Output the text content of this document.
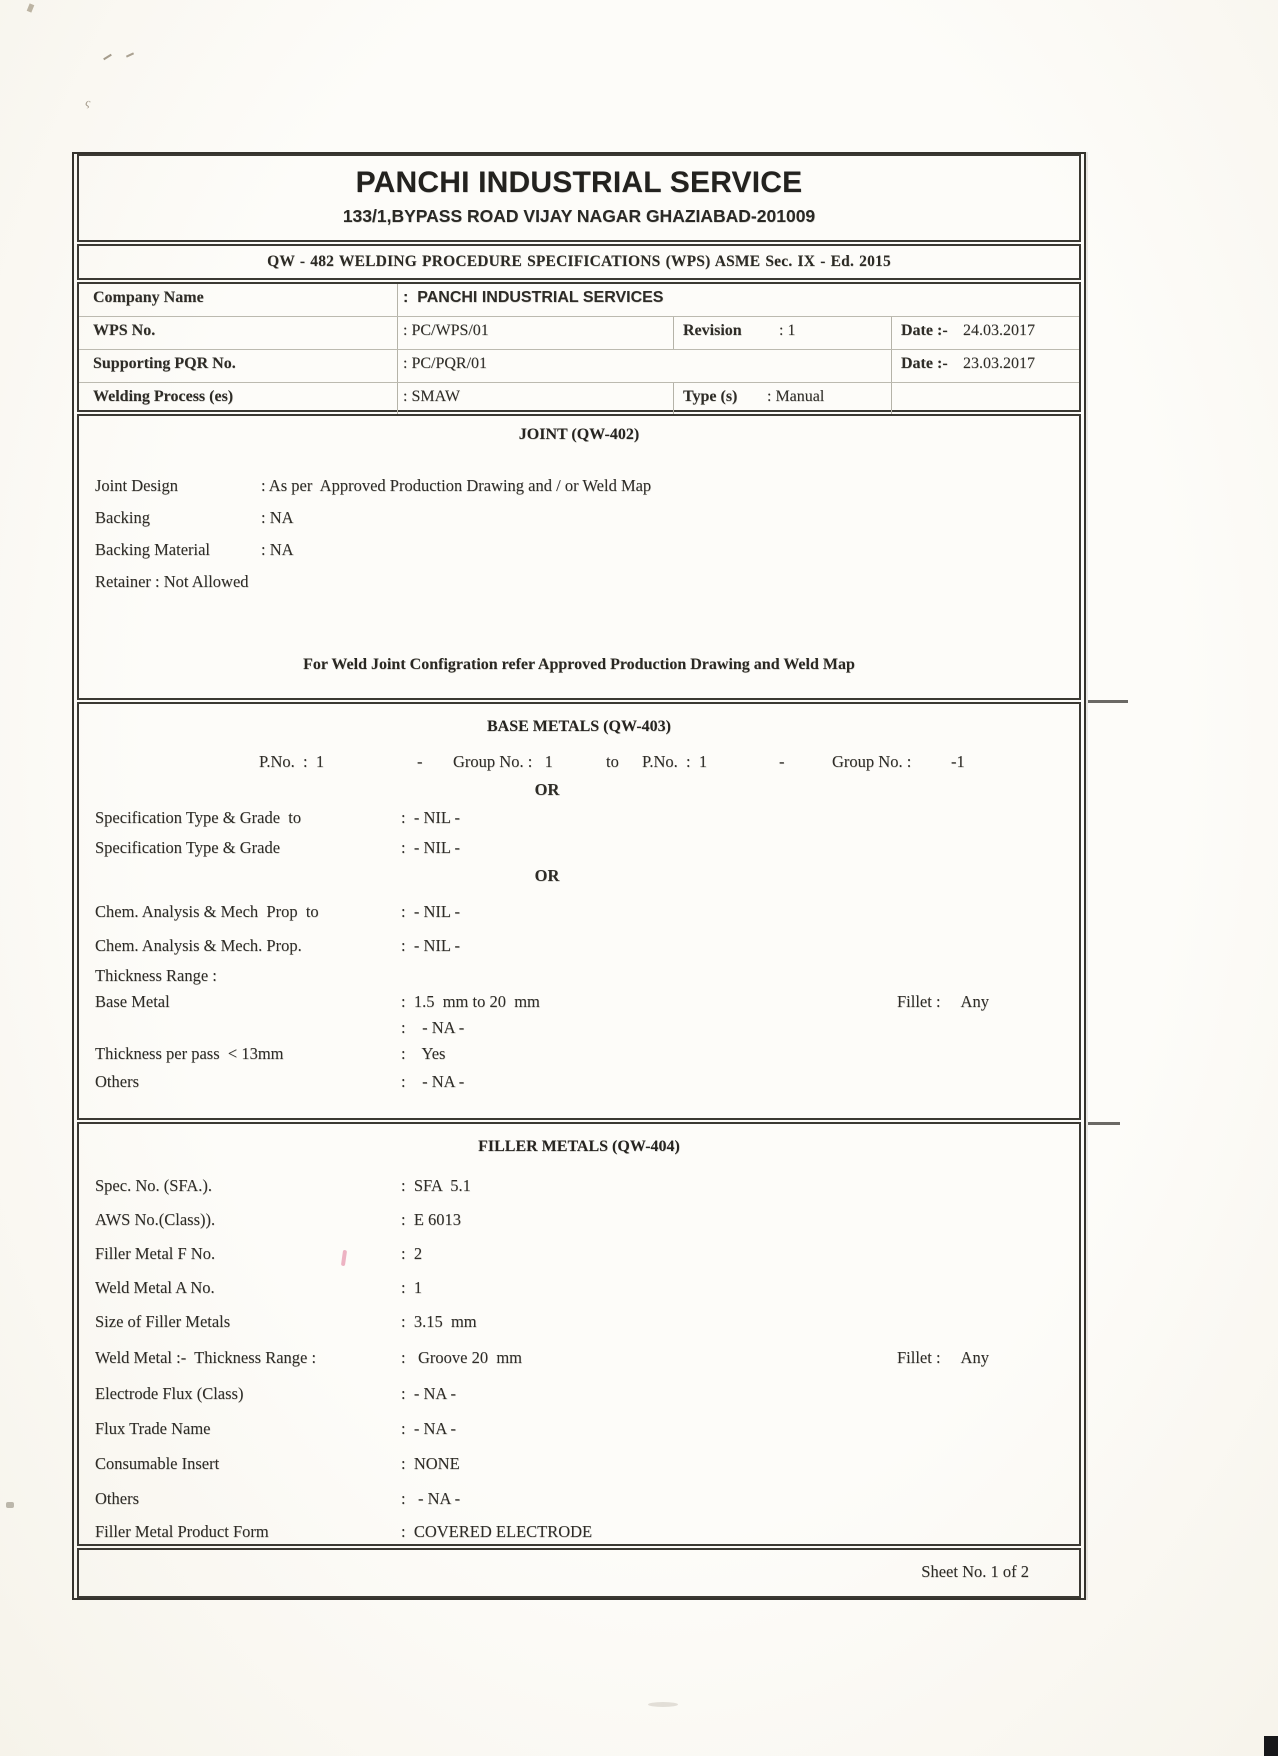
ς
PANCHI INDUSTRIAL SERVICE
133/1,BYPASS ROAD VIJAY NAGAR GHAZIABAD-201009
QW - 482 WELDING PROCEDURE SPECIFICATIONS (WPS) ASME Sec. IX - Ed. 2015
Company Name	:  PANCHI INDUSTRIAL SERVICES
WPS No.	: PC/WPS/01	Revision : 1	Date :- 24.03.2017
Supporting PQR No.	: PC/PQR/01	Date :- 23.03.2017
Welding Process (es)	: SMAW	Type (s) : Manual
JOINT (QW-402)
Joint Design	: As per  Approved Production Drawing and / or Weld Map
Backing	: NA
Backing Material	: NA
Retainer : Not Allowed
For Weld Joint Configration refer Approved Production Drawing and Weld Map
BASE METALS (QW-403)
P.No.  :  1	- Group No. :   1	to P.No.  :  1	-	Group No. : -1
OR
Specification Type & Grade  to	:  - NIL -
Specification Type & Grade	:  - NIL -
OR
Chem. Analysis & Mech  Prop  to	:  - NIL -
Chem. Analysis & Mech. Prop.	:  - NIL -
Thickness Range :
Base Metal	:  1.5  mm to 20  mm	Fillet : Any
:    - NA -
Thickness per pass  < 13mm	:    Yes
Others	:    - NA -
FILLER METALS (QW-404)
Spec. No. (SFA.).	:  SFA  5.1
AWS No.(Class)).	:  E 6013
Filler Metal F No.	:  2
Weld Metal A No.	:  1
Size of Filler Metals	:  3.15  mm
Weld Metal :-  Thickness Range :	:   Groove 20  mm	Fillet : Any
Electrode Flux (Class)	:  - NA -
Flux Trade Name	:  - NA -
Consumable Insert	:  NONE
Others	:   - NA -
Filler Metal Product Form	:  COVERED ELECTRODE
Sheet No. 1 of 2
